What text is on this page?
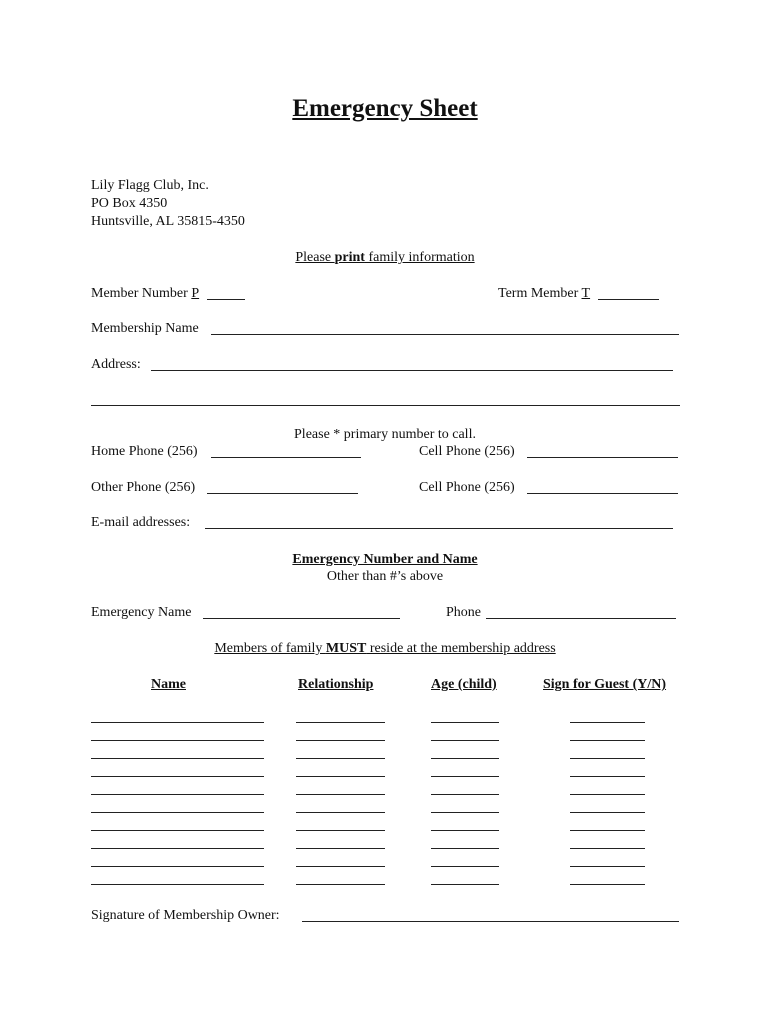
Emergency Sheet
Lily Flagg Club, Inc.
PO Box 4350
Huntsville, AL 35815-4350
Please print family information
Member Number P	Term Member T
Membership Name
Address:
Please * primary number to call.
Home Phone (256)	Cell Phone (256)
Other Phone (256)	Cell Phone (256)
E-mail addresses:
Emergency Number and Name
Other than #’s above
Emergency Name	Phone
Members of family MUST reside at the membership address
Name	Relationship	Age (child)	Sign for Guest (Y/N)
Signature of Membership Owner:
